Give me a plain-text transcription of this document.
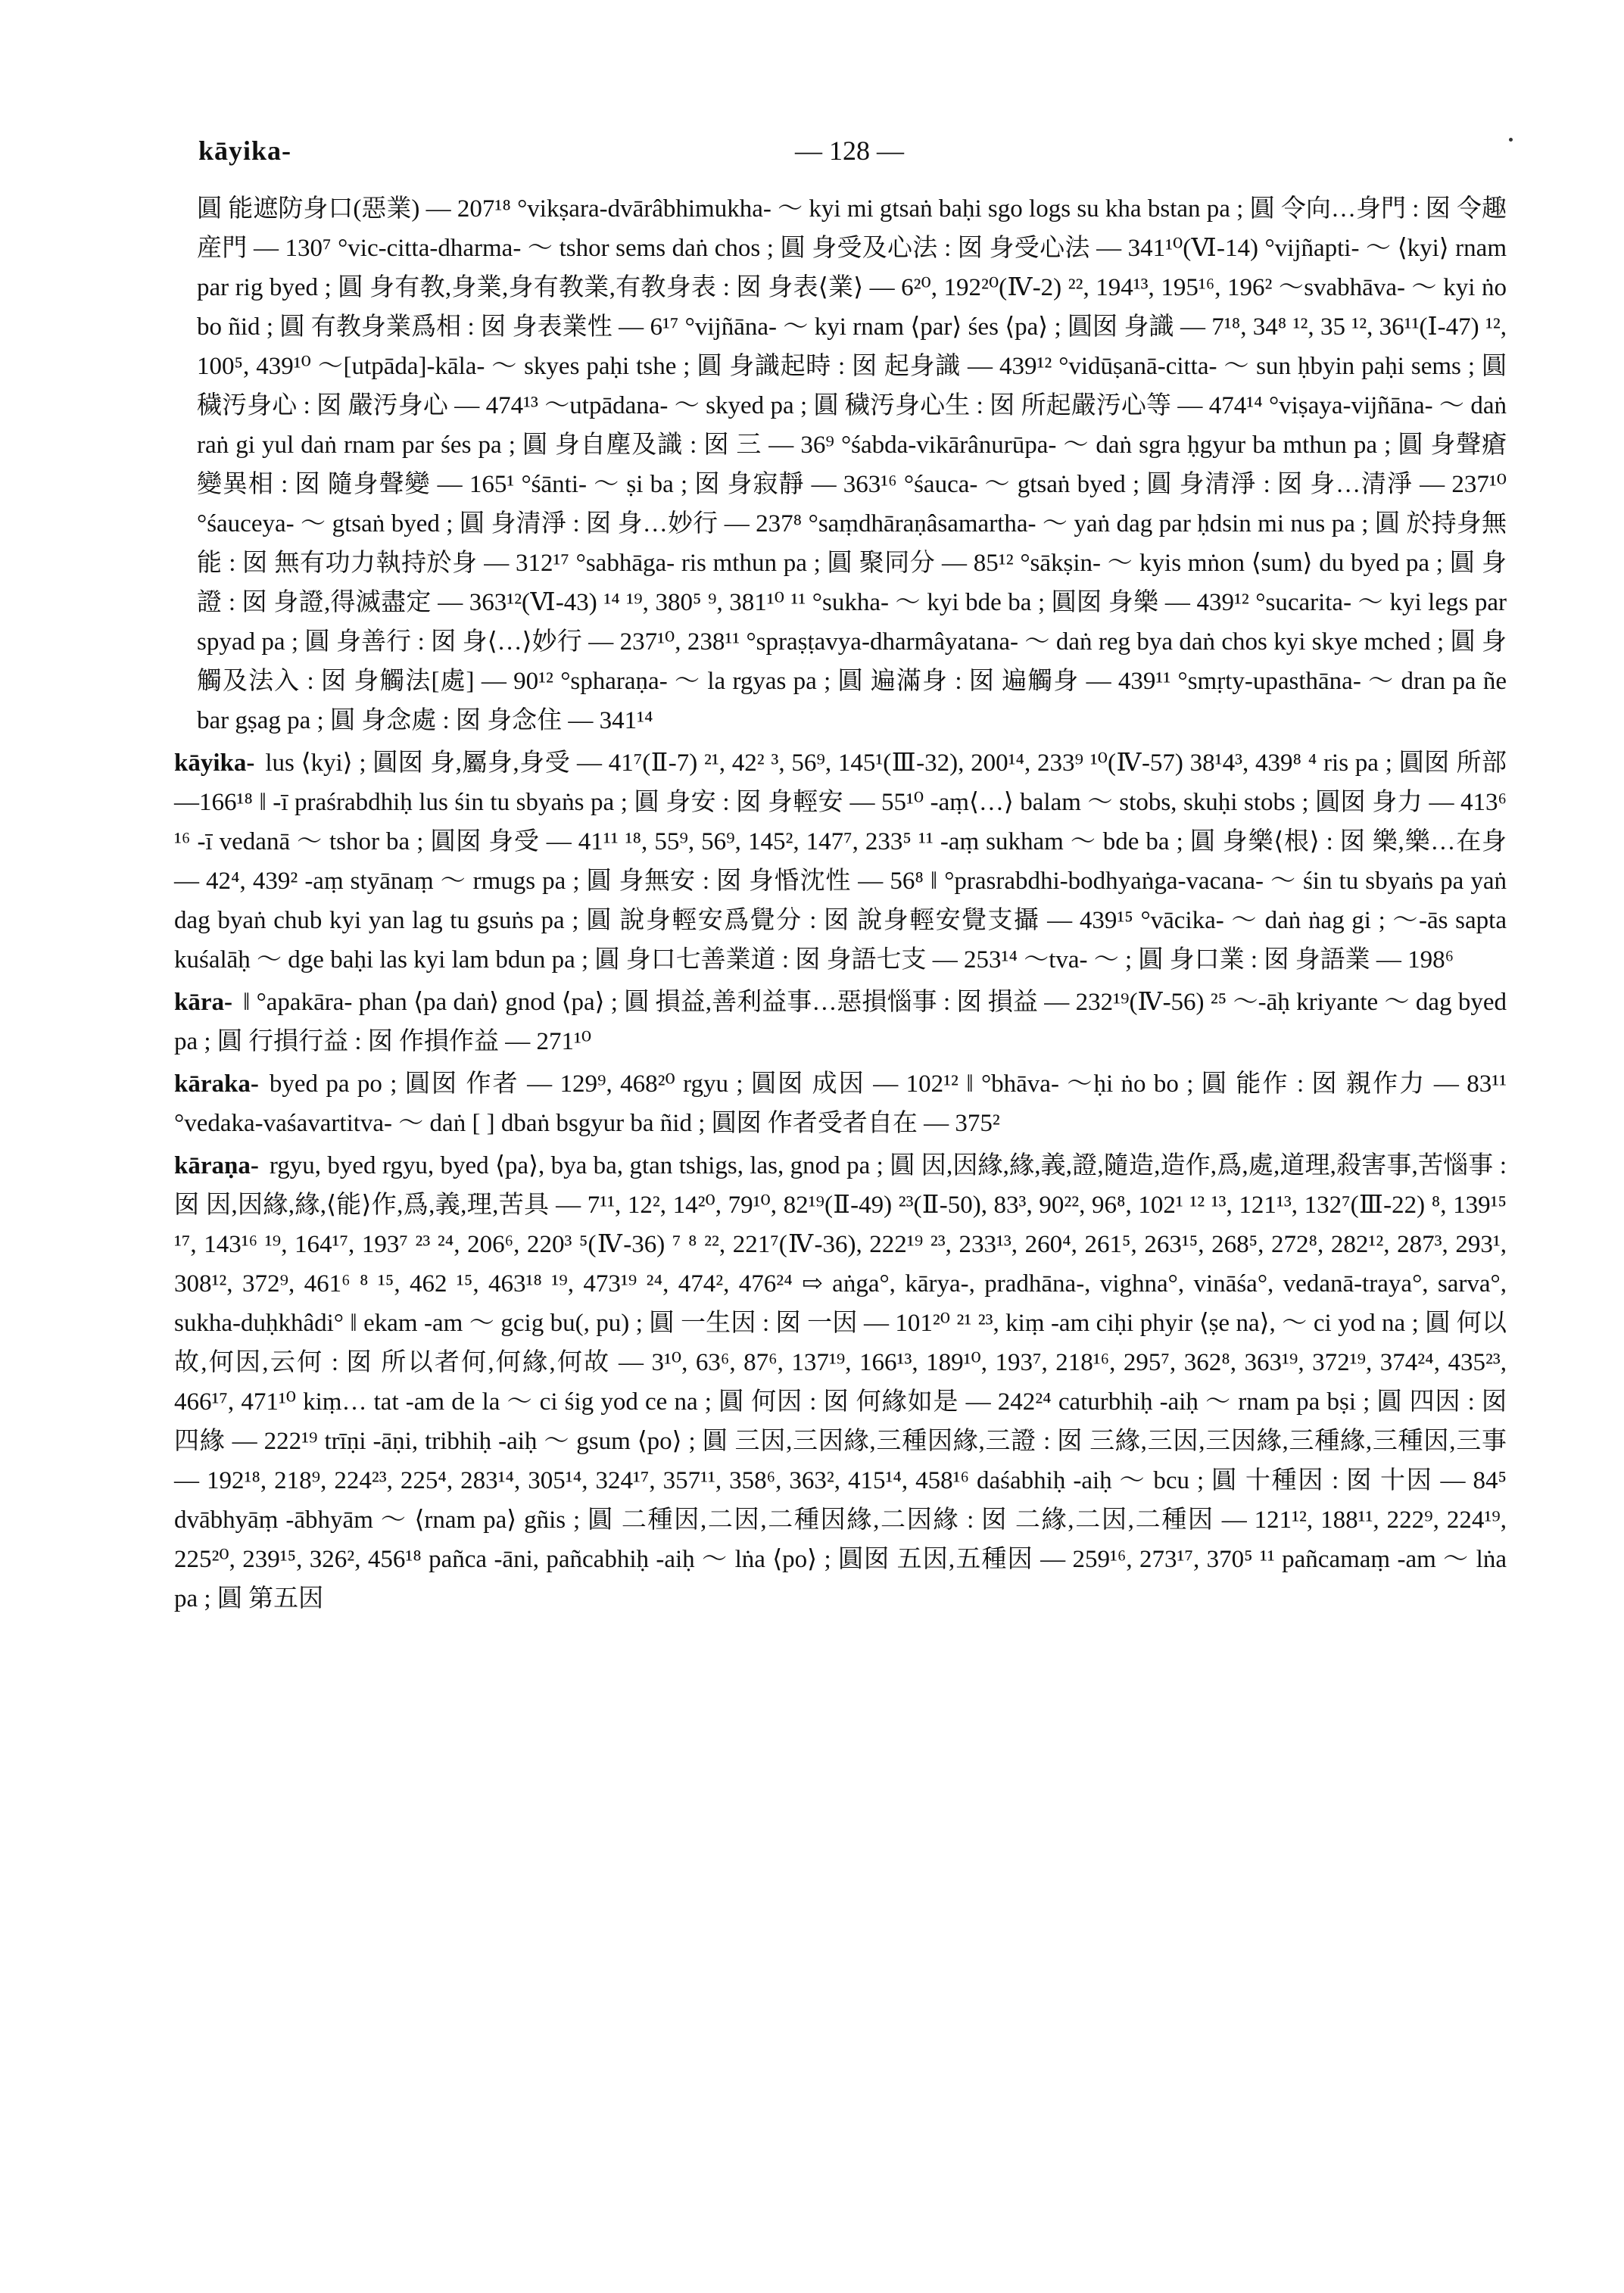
kāyika-	— 128 —

圓 能遮防身口(惡業) — 207¹⁸ °vikṣara-dvārâbhimukha- ～ kyi mi gtsaṅ baḥi sgo logs su kha bstan pa ; 圓 令向…身門 : 囡 令趣産門 — 130⁷ °vic-citta-dharma- ～ tshor sems daṅ chos ; 圓 身受及心法 : 囡 身受心法 — 341¹⁰(Ⅵ-14) °vijñapti- ～ ⟨kyi⟩ rnam par rig byed ; 圓 身有教,身業,身有教業,有教身表 : 囡 身表⟨業⟩ — 6²⁰, 192²⁰(Ⅳ-2) ²², 194¹³, 195¹⁶, 196² ～svabhāva- ～ kyi ṅo bo ñid ; 圓 有教身業爲相 : 囡 身表業性 — 6¹⁷ °vijñāna- ～ kyi rnam ⟨par⟩ śes ⟨pa⟩ ; 圓囡 身識 — 7¹⁸, 34⁸ ¹², 35 ¹², 36¹¹(Ⅰ-47) ¹², 100⁵, 439¹⁰ ～[utpāda]-kāla- ～ skyes paḥi tshe ; 圓 身識起時 : 囡 起身識 — 439¹² °vidūṣanā-citta- ～ sun ḥbyin paḥi sems ; 圓 穢汚身心 : 囡 嚴汚身心 — 474¹³ ～utpādana- ～ skyed pa ; 圓 穢汚身心生 : 囡 所起嚴汚心等 — 474¹⁴ °viṣaya-vijñāna- ～ daṅ raṅ gi yul daṅ rnam par śes pa ; 圓 身自塵及識 : 囡 三 — 36⁹ °śabda-vikārânurūpa- ～ daṅ sgra ḥgyur ba mthun pa ; 圓 身聲瘡變異相 : 囡 隨身聲變 — 165¹ °śānti- ～ ṣi ba ; 囡 身寂靜 — 363¹⁶ °śauca- ～ gtsaṅ byed ; 圓 身清淨 : 囡 身…清淨 — 237¹⁰ °śauceya- ～ gtsaṅ byed ; 圓 身清淨 : 囡 身…妙行 — 237⁸ °saṃdhāraṇâsamartha- ～ yaṅ dag par ḥdsin mi nus pa ; 圓 於持身無能 : 囡 無有功力執持於身 — 312¹⁷ °sabhāga- ris mthun pa ; 圓 聚同分 — 85¹² °sākṣin- ～ kyis mṅon ⟨sum⟩ du byed pa ; 圓 身證 : 囡 身證,得滅盡定 — 363¹²(Ⅵ-43) ¹⁴ ¹⁹, 380⁵ ⁹, 381¹⁰ ¹¹ °sukha- ～ kyi bde ba ; 圓囡 身樂 — 439¹² °sucarita- ～ kyi legs par spyad pa ; 圓 身善行 : 囡 身⟨…⟩妙行 — 237¹⁰, 238¹¹ °spraṣṭavya-dharmâyatana- ～ daṅ reg bya daṅ chos kyi skye mched ; 圓 身觸及法入 : 囡 身觸法[處] — 90¹² °spharaṇa- ～ la rgyas pa ; 圓 遍滿身 : 囡 遍觸身 — 439¹¹ °smṛty-upasthāna- ～ dran pa ñe bar gṣag pa ; 圓 身念處 : 囡 身念住 — 341¹⁴

kāyika- lus ⟨kyi⟩ ; 圓囡 身,屬身,身受 — 41⁷(Ⅱ-7) ²¹, 42² ³, 56⁹, 145¹(Ⅲ-32), 200¹⁴, 233⁹ ¹⁰(Ⅳ-57) 38¹4³, 439⁸ ⁴ ris pa ; 圓囡 所部 —166¹⁸ ‖ -ī praśrabdhiḥ lus śin tu sbyaṅs pa ; 圓 身安 : 囡 身輕安 — 55¹⁰ -aṃ⟨…⟩ balam ～ stobs, skuḥi stobs ; 圓囡 身力 — 413⁶ ¹⁶ -ī vedanā ～ tshor ba ; 圓囡 身受 — 41¹¹ ¹⁸, 55⁹, 56⁹, 145², 147⁷, 233⁵ ¹¹ -aṃ sukham ～ bde ba ; 圓 身樂⟨根⟩ : 囡 樂,樂…在身 — 42⁴, 439² -aṃ styānaṃ ～ rmugs pa ; 圓 身無安 : 囡 身惛沈性 — 56⁸ ‖ °prasrabdhi-bodhyaṅga-vacana- ～ śin tu sbyaṅs pa yaṅ dag byaṅ chub kyi yan lag tu gsuṅs pa ; 圓 說身輕安爲覺分 : 囡 說身輕安覺支攝 — 439¹⁵ °vācika- ～ daṅ ṅag gi ; ～-ās sapta kuśalāḥ ～ dge baḥi las kyi lam bdun pa ; 圓 身口七善業道 : 囡 身語七支 — 253¹⁴ ～tva- ～ ; 圓 身口業 : 囡 身語業 — 198⁶

kāra- ‖ °apakāra- phan ⟨pa daṅ⟩ gnod ⟨pa⟩ ; 圓 損益,善利益事…惡損惱事 : 囡 損益 — 232¹⁹(Ⅳ-56) ²⁵ ～-āḥ kriyante ～ dag byed pa ; 圓 行損行益 : 囡 作損作益 — 271¹⁰

kāraka- byed pa po ; 圓囡 作者 — 129⁹, 468²⁰ rgyu ; 圓囡 成因 — 102¹² ‖ °bhāva- ～ḥi ṅo bo ; 圓 能作 : 囡 親作力 — 83¹¹ °vedaka-vaśavartitva- ～ daṅ [ ] dbaṅ bsgyur ba ñid ; 圓囡 作者受者自在 — 375²

kāraṇa- rgyu, byed rgyu, byed ⟨pa⟩, bya ba, gtan tshigs, las, gnod pa ; 圓 因,因緣,緣,義,證,隨造,造作,爲,處,道理,殺害事,苦惱事 : 囡 因,因緣,緣,⟨能⟩作,爲,義,理,苦具 — 7¹¹, 12², 14²⁰, 79¹⁰, 82¹⁹(Ⅱ-49) ²³(Ⅱ-50), 83³, 90²², 96⁸, 102¹ ¹² ¹³, 121¹³, 132⁷(Ⅲ-22) ⁸, 139¹⁵ ¹⁷, 143¹⁶ ¹⁹, 164¹⁷, 193⁷ ²³ ²⁴, 206⁶, 220³ ⁵(Ⅳ-36) ⁷ ⁸ ²², 221⁷(Ⅳ-36), 222¹⁹ ²³, 233¹³, 260⁴, 261⁵, 263¹⁵, 268⁵, 272⁸, 282¹², 287³, 293¹, 308¹², 372⁹, 461⁶ ⁸ ¹⁵, 462 ¹⁵, 463¹⁸ ¹⁹, 473¹⁹ ²⁴, 474², 476²⁴ ⇨ aṅga°, kārya-, pradhāna-, vighna°, vināśa°, vedanā-traya°, sarva°, sukha-duḥkhâdi° ‖ ekam -am ～ gcig bu(, pu) ; 圓 一生因 : 囡 一因 — 101²⁰ ²¹ ²³, kiṃ -am ciḥi phyir ⟨ṣe na⟩, ～ ci yod na ; 圓 何以故,何因,云何 : 囡 所以者何,何緣,何故 — 3¹⁰, 63⁶, 87⁶, 137¹⁹, 166¹³, 189¹⁰, 193⁷, 218¹⁶, 295⁷, 362⁸, 363¹⁹, 372¹⁹, 374²⁴, 435²³, 466¹⁷, 471¹⁰ kiṃ… tat -am de la ～ ci śig yod ce na ; 圓 何因 : 囡 何緣如是 — 242²⁴ caturbhiḥ -aiḥ ～ rnam pa bṣi ; 圓 四因 : 囡 四緣 — 222¹⁹ trīṇi -āṇi, tribhiḥ -aiḥ ～ gsum ⟨po⟩ ; 圓 三因,三因緣,三種因緣,三證 : 囡 三緣,三因,三因緣,三種緣,三種因,三事 — 192¹⁸, 218⁹, 224²³, 225⁴, 283¹⁴, 305¹⁴, 324¹⁷, 357¹¹, 358⁶, 363², 415¹⁴, 458¹⁶ daśabhiḥ -aiḥ ～ bcu ; 圓 十種因 : 囡 十因 — 84⁵ dvābhyāṃ -ābhyām ～ ⟨rnam pa⟩ gñis ; 圓 二種因,二因,二種因緣,二因緣 : 囡 二緣,二因,二種因 — 121¹², 188¹¹, 222⁹, 224¹⁹, 225²⁰, 239¹⁵, 326², 456¹⁸ pañca -āni, pañcabhiḥ -aiḥ ～ lṅa ⟨po⟩ ; 圓囡 五因,五種因 — 259¹⁶, 273¹⁷, 370⁵ ¹¹ pañcamaṃ -am ～ lṅa pa ; 圓 第五因
